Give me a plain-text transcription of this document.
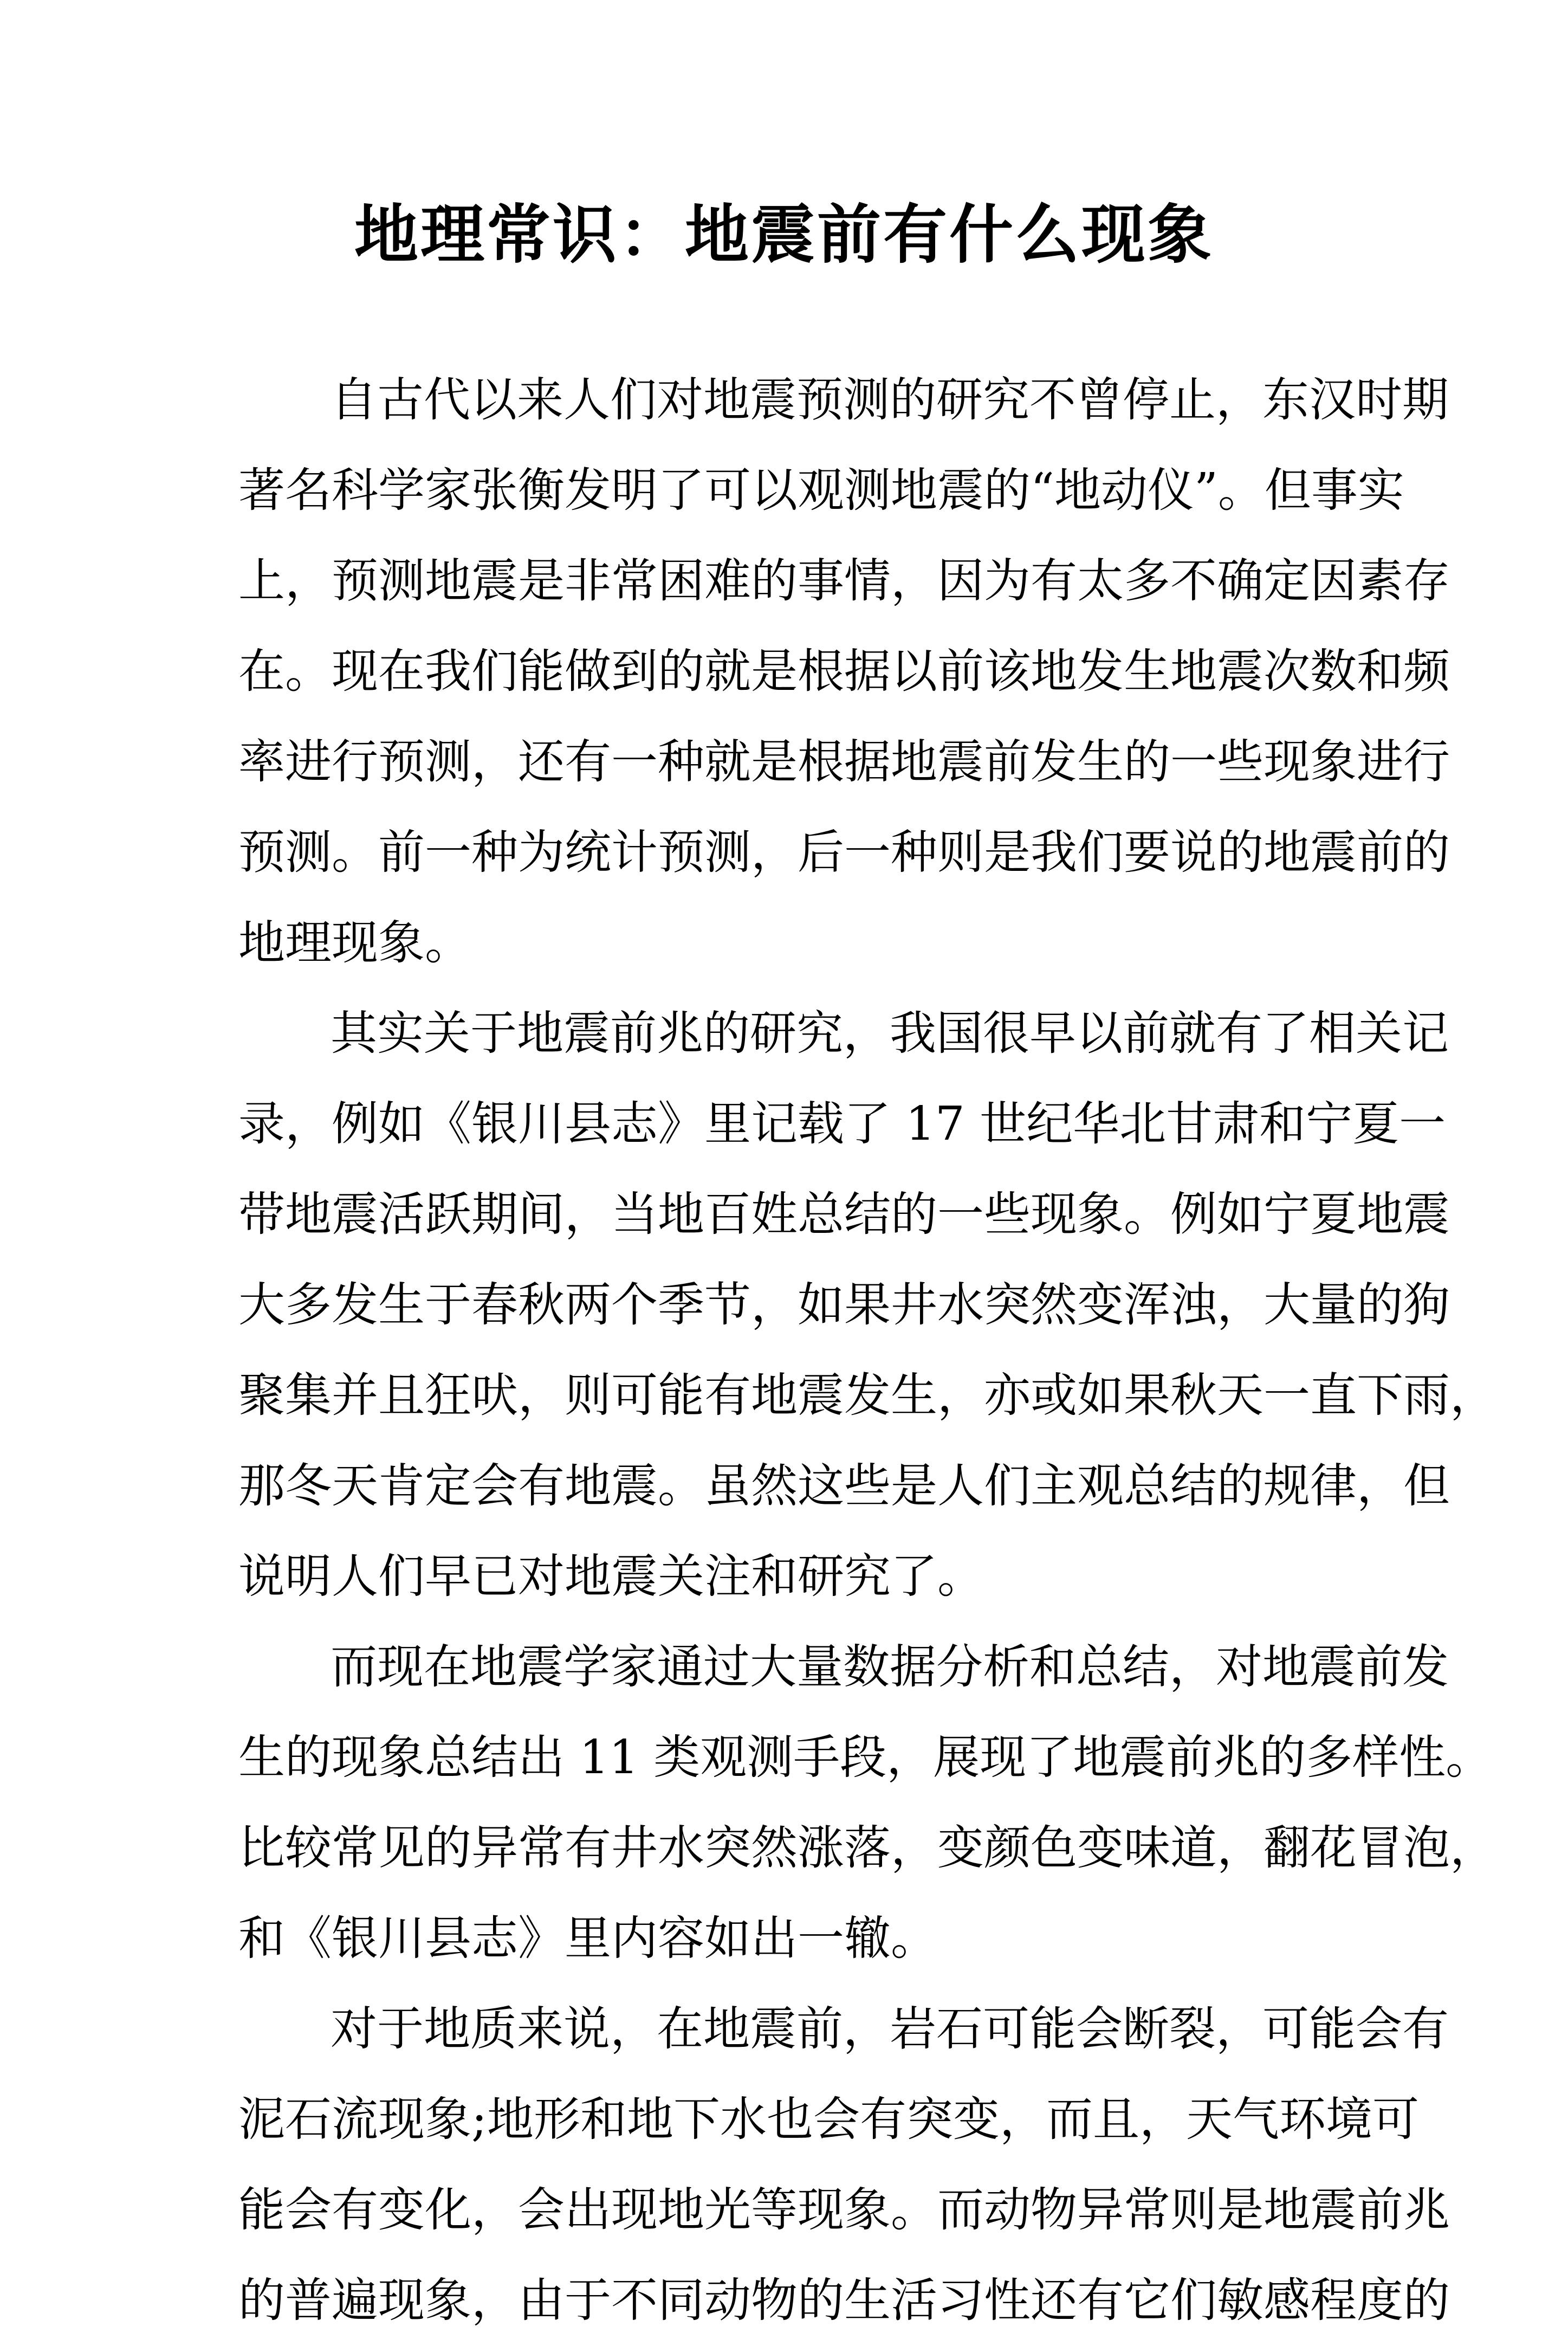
地理常识：地震前有什么现象

自古代以来人们对地震预测的研究不曾停止，东汉时期
著名科学家张衡发明了可以观测地震的“地动仪”。但事实
上，预测地震是非常困难的事情，因为有太多不确定因素存
在。现在我们能做到的就是根据以前该地发生地震次数和频
率进行预测，还有一种就是根据地震前发生的一些现象进行
预测。前一种为统计预测，后一种则是我们要说的地震前的
地理现象。

其实关于地震前兆的研究，我国很早以前就有了相关记
录，例如《银川县志》里记载了 17 世纪华北甘肃和宁夏一
带地震活跃期间，当地百姓总结的一些现象。例如宁夏地震
大多发生于春秋两个季节，如果井水突然变浑浊，大量的狗
聚集并且狂吠，则可能有地震发生，亦或如果秋天一直下雨，
那冬天肯定会有地震。虽然这些是人们主观总结的规律，但
说明人们早已对地震关注和研究了。

而现在地震学家通过大量数据分析和总结，对地震前发
生的现象总结出 11 类观测手段，展现了地震前兆的多样性。
比较常见的异常有井水突然涨落，变颜色变味道，翻花冒泡，
和《银川县志》里内容如出一辙。

对于地质来说，在地震前，岩石可能会断裂，可能会有
泥石流现象;地形和地下水也会有突变，而且，天气环境可
能会有变化，会出现地光等现象。而动物异常则是地震前兆
的普遍现象，由于不同动物的生活习性还有它们敏感程度的
